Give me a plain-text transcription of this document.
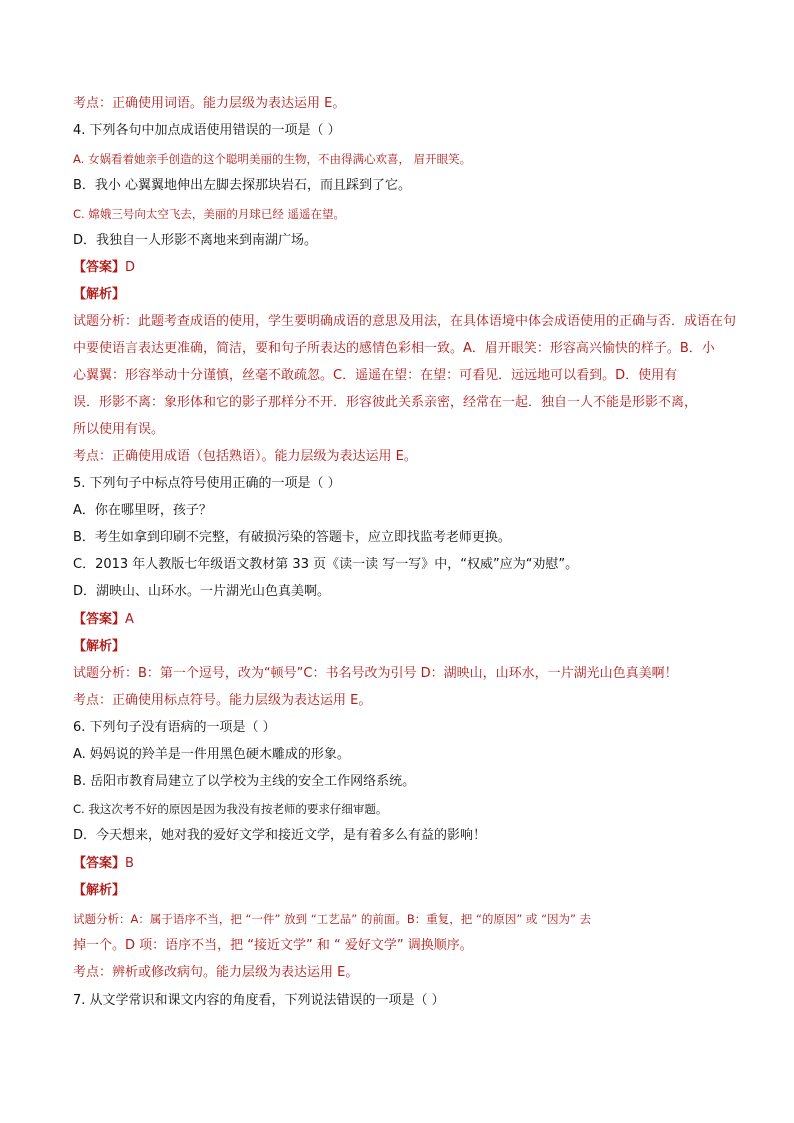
考点：正确使用词语。能力层级为表达运用 E。
4. 下列各句中加点成语使用错误的一项是（ ）
A. 女娲看着她亲手创造的这个聪明美丽的生物，不由得满心欢喜， 眉开眼笑。
B．我小 心翼翼地伸出左脚去探那块岩石，而且踩到了它。
C. 嫦娥三号向太空飞去，美丽的月球已经 遥遥在望。
D．我独自一人形影不离地来到南湖广场。
【答案】D
【解析】
试题分析：此题考查成语的使用，学生要明确成语的意思及用法，在具体语境中体会成语使用的正确与否．成语在句
中要使语言表达更准确，简洁，要和句子所表达的感情色彩相一致。A．眉开眼笑：形容高兴愉快的样子。B．小
心翼翼：形容举动十分谨慎，丝毫不敢疏忽。C．遥遥在望：在望：可看见．远远地可以看到。D．使用有
误．形影不离：象形体和它的影子那样分不开．形容彼此关系亲密，经常在一起．独自一人不能是形影不离，
所以使用有误。
考点：正确使用成语（包括熟语）。能力层级为表达运用 E。
5. 下列句子中标点符号使用正确的一项是（ ）
A．你在哪里呀，孩子？
B．考生如拿到印刷不完整，有破损污染的答题卡，应立即找监考老师更换。
C．2013 年人教版七年级语文教材第 33 页《读一读 写一写》中，“权威”应为“劝慰”。
D．湖映山、山环水。一片湖光山色真美啊。
【答案】A
【解析】
试题分析：B：第一个逗号，改为“顿号”C：书名号改为引号 D：湖映山，山环水，一片湖光山色真美啊！
考点：正确使用标点符号。能力层级为表达运用 E。
6. 下列句子没有语病的一项是（ ）
A. 妈妈说的羚羊是一件用黑色硬木雕成的形象。
B. 岳阳市教育局建立了以学校为主线的安全工作网络系统。
C. 我这次考不好的原因是因为我没有按老师的要求仔细审题。
D．今天想来，她对我的爱好文学和接近文学，是有着多么有益的影响！
【答案】B
【解析】
试题分析：A：属于语序不当，把 “一件” 放到 “工艺品” 的前面。B：重复，把 “的原因” 或 “因为” 去
掉一个。D 项：语序不当，把 “接近文学” 和 “ 爱好文学” 调换顺序。
考点：辨析或修改病句。能力层级为表达运用 E。
7. 从文学常识和课文内容的角度看，下列说法错误的一项是（ ）
